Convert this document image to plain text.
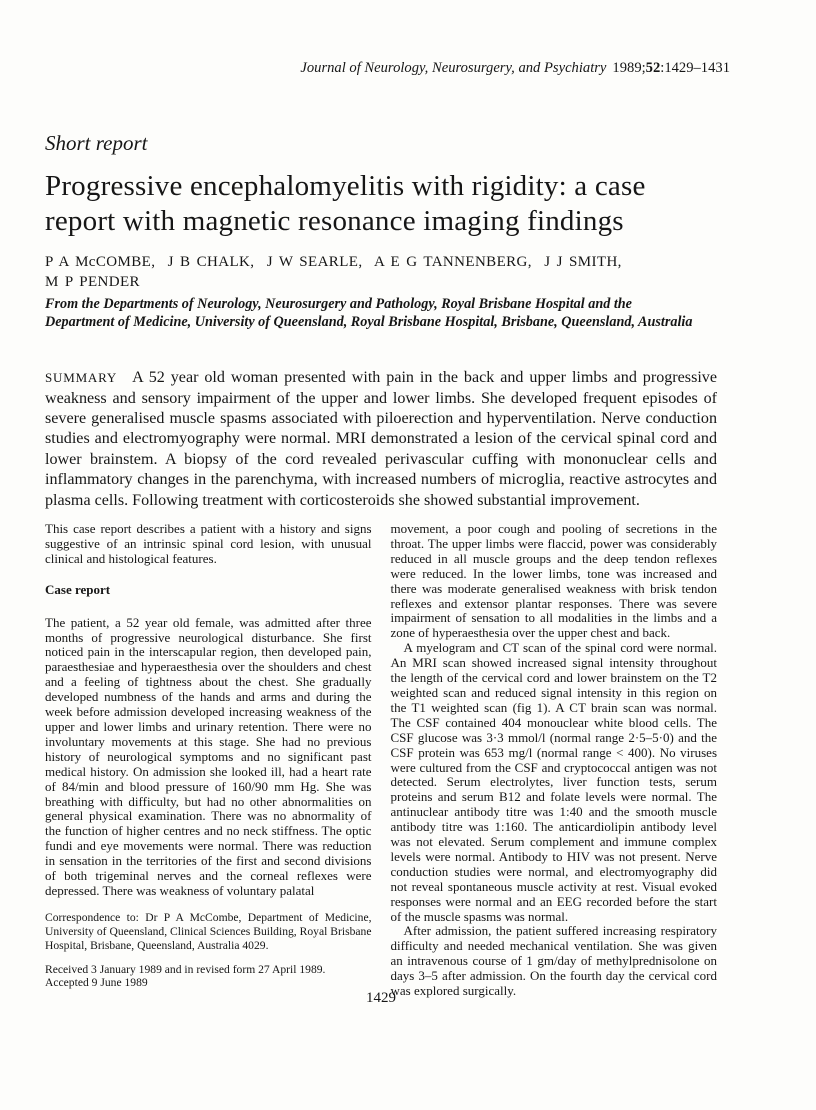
Journal of Neurology, Neurosurgery, and Psychiatry 1989;52:1429–1431
Short report
Progressive encephalomyelitis with rigidity: a case
report with magnetic resonance imaging findings
P A McCOMBE,  J B CHALK,  J W SEARLE,  A E G TANNENBERG,  J J SMITH,
M P PENDER
From the Departments of Neurology, Neurosurgery and Pathology, Royal Brisbane Hospital and the
Department of Medicine, University of Queensland, Royal Brisbane Hospital, Brisbane, Queensland, Australia

SUMMARY A 52 year old woman presented with pain in the back and upper limbs and progressive weakness and sensory impairment of the upper and lower limbs. She developed frequent episodes of severe generalised muscle spasms associated with piloerection and hyperventilation. Nerve conduction studies and electromyography were normal. MRI demonstrated a lesion of the cervical spinal cord and lower brainstem. A biopsy of the cord revealed perivascular cuffing with mononuclear cells and inflammatory changes in the parenchyma, with increased numbers of microglia, reactive astrocytes and plasma cells. Following treatment with corticosteroids she showed substantial improvement.

This case report describes a patient with a history and signs suggestive of an intrinsic spinal cord lesion, with unusual clinical and histological features.

Case report

The patient, a 52 year old female, was admitted after three months of progressive neurological disturbance. She first noticed pain in the interscapular region, then developed pain, paraesthesiae and hyperaesthesia over the shoulders and chest and a feeling of tightness about the chest. She gradually developed numbness of the hands and arms and during the week before admission developed increasing weakness of the upper and lower limbs and urinary retention. There were no involuntary movements at this stage. She had no previous history of neurological symptoms and no significant past medical history. On admission she looked ill, had a heart rate of 84/min and blood pressure of 160/90 mm Hg. She was breathing with difficulty, but had no other abnormalities on general physical examination. There was no abnormality of the function of higher centres and no neck stiffness. The optic fundi and eye movements were normal. There was reduction in sensation in the territories of the first and second divisions of both trigeminal nerves and the corneal reflexes were depressed. There was weakness of voluntary palatal

Correspondence to: Dr P A McCombe, Department of Medicine, University of Queensland, Clinical Sciences Building, Royal Brisbane Hospital, Brisbane, Queensland, Australia 4029.

Received 3 January 1989 and in revised form 27 April 1989.
Accepted 9 June 1989

movement, a poor cough and pooling of secretions in the throat. The upper limbs were flaccid, power was considerably reduced in all muscle groups and the deep tendon reflexes were reduced. In the lower limbs, tone was increased and there was moderate generalised weakness with brisk tendon reflexes and extensor plantar responses. There was severe impairment of sensation to all modalities in the limbs and a zone of hyperaesthesia over the upper chest and back.

A myelogram and CT scan of the spinal cord were normal. An MRI scan showed increased signal intensity throughout the length of the cervical cord and lower brainstem on the T2 weighted scan and reduced signal intensity in this region on the T1 weighted scan (fig 1). A CT brain scan was normal. The CSF contained 404 monouclear white blood cells. The CSF glucose was 3·3 mmol/l (normal range 2·5–5·0) and the CSF protein was 653 mg/l (normal range < 400). No viruses were cultured from the CSF and cryptococcal antigen was not detected. Serum electrolytes, liver function tests, serum proteins and serum B12 and folate levels were normal. The antinuclear antibody titre was 1:40 and the smooth muscle antibody titre was 1:160. The anticardiolipin antibody level was not elevated. Serum complement and immune complex levels were normal. Antibody to HIV was not present. Nerve conduction studies were normal, and electromyography did not reveal spontaneous muscle activity at rest. Visual evoked responses were normal and an EEG recorded before the start of the muscle spasms was normal.

After admission, the patient suffered increasing respiratory difficulty and needed mechanical ventilation. She was given an intravenous course of 1 gm/day of methylprednisolone on days 3–5 after admission. On the fourth day the cervical cord was explored surgically.

1429
